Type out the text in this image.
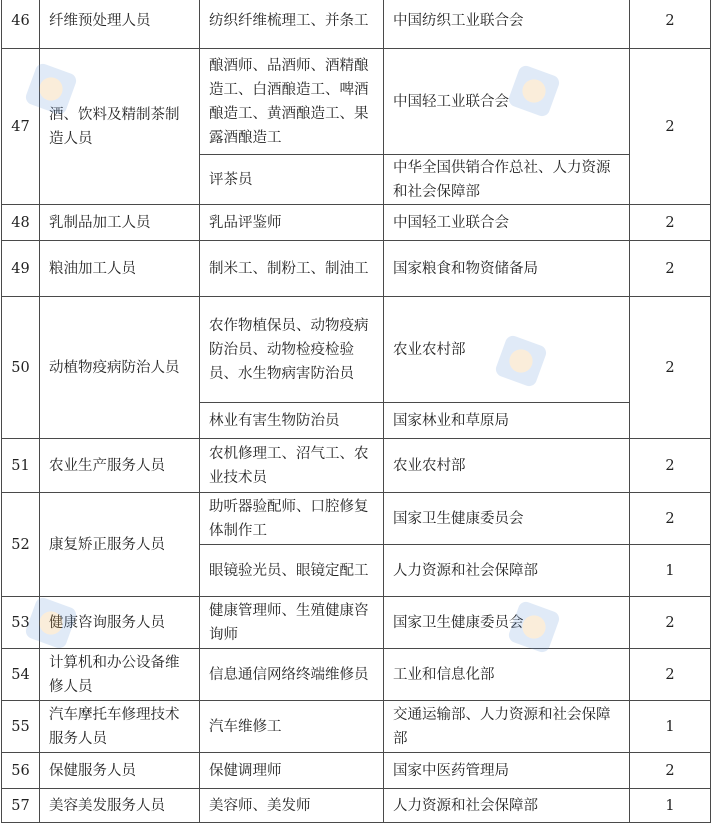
46	纤维预处理人员	纺织纤维梳理工、并条工	中国纺织工业联合会	2
47	酒、饮料及精制茶制造人员	酿酒师、品酒师、酒精酿造工、白酒酿造工、啤酒酿造工、黄酒酿造工、果露酒酿造工	中国轻工业联合会	2
		评茶员	中华全国供销合作总社、人力资源和社会保障部	
48	乳制品加工人员	乳品评鉴师	中国轻工业联合会	2
49	粮油加工人员	制米工、制粉工、制油工	国家粮食和物资储备局	2
50	动植物疫病防治人员	农作物植保员、动物疫病防治员、动物检疫检验员、水生物病害防治员	农业农村部	2
		林业有害生物防治员	国家林业和草原局	
51	农业生产服务人员	农机修理工、沼气工、农业技术员	农业农村部	2
52	康复矫正服务人员	助听器验配师、口腔修复体制作工	国家卫生健康委员会	2
		眼镜验光员、眼镜定配工	人力资源和社会保障部	1
53	健康咨询服务人员	健康管理师、生殖健康咨询师	国家卫生健康委员会	2
54	计算机和办公设备维修人员	信息通信网络终端维修员	工业和信息化部	2
55	汽车摩托车修理技术服务人员	汽车维修工	交通运输部、人力资源和社会保障部	1
56	保健服务人员	保健调理师	国家中医药管理局	2
57	美容美发服务人员	美容师、美发师	人力资源和社会保障部	1
